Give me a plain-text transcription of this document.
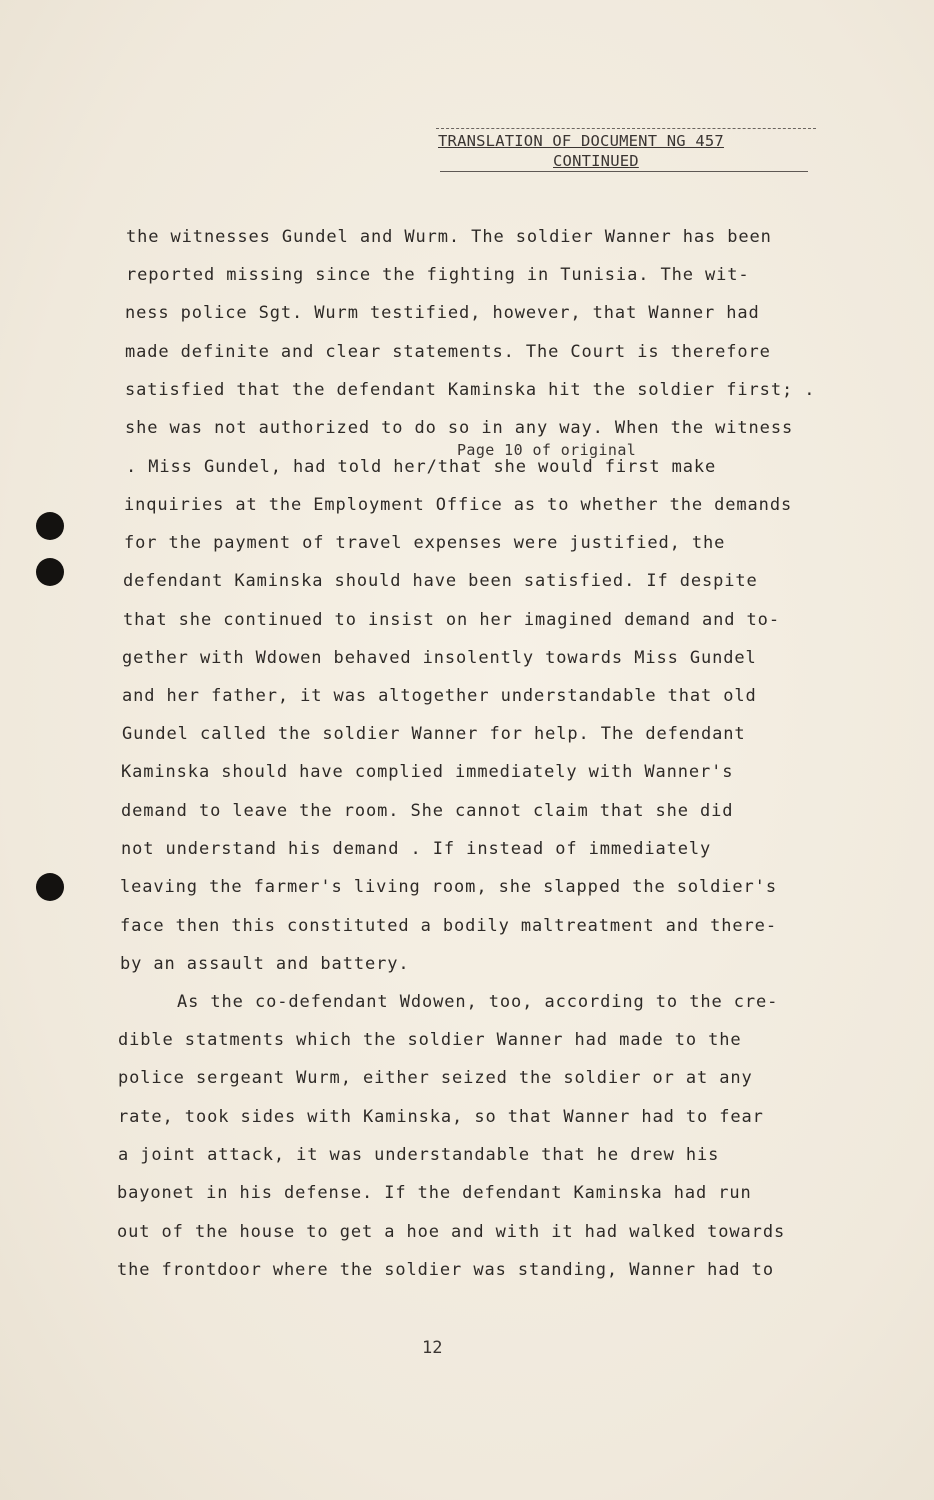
TRANSLATION OF DOCUMENT NG 457
CONTINUED
the witnesses Gundel and Wurm. The soldier Wanner has been
reported missing since the fighting in Tunisia. The wit-
ness police Sgt. Wurm testified, however, that Wanner had
made definite and clear statements. The Court is therefore
satisfied that the defendant Kaminska hit the soldier first; .
she was not authorized to do so in any way. When the witness
Page 10 of original
. Miss Gundel, had told her/that she would first make
inquiries at the Employment Office as to whether the demands
for the payment of travel expenses were justified, the
defendant Kaminska should have been satisfied. If despite
that she continued to insist on her imagined demand and to-
gether with Wdowen behaved insolently towards Miss Gundel
and her father, it was altogether understandable that old
Gundel called the soldier Wanner for help. The defendant
Kaminska should have complied immediately with Wanner's
demand to leave the room. She cannot claim that she did
not understand his demand . If instead of immediately
leaving the farmer's living room, she slapped the soldier's
face then this constituted a bodily maltreatment and there-
by an assault and battery.
As the co-defendant Wdowen, too, according to the cre-
dible statments which the soldier Wanner had made to the
police sergeant Wurm, either seized the soldier or at any
rate, took sides with Kaminska, so that Wanner had to fear
a joint attack, it was understandable that he drew his
bayonet in his defense. If the defendant Kaminska had run
out of the house to get a hoe and with it had walked towards
the frontdoor where the soldier was standing, Wanner had to
12
